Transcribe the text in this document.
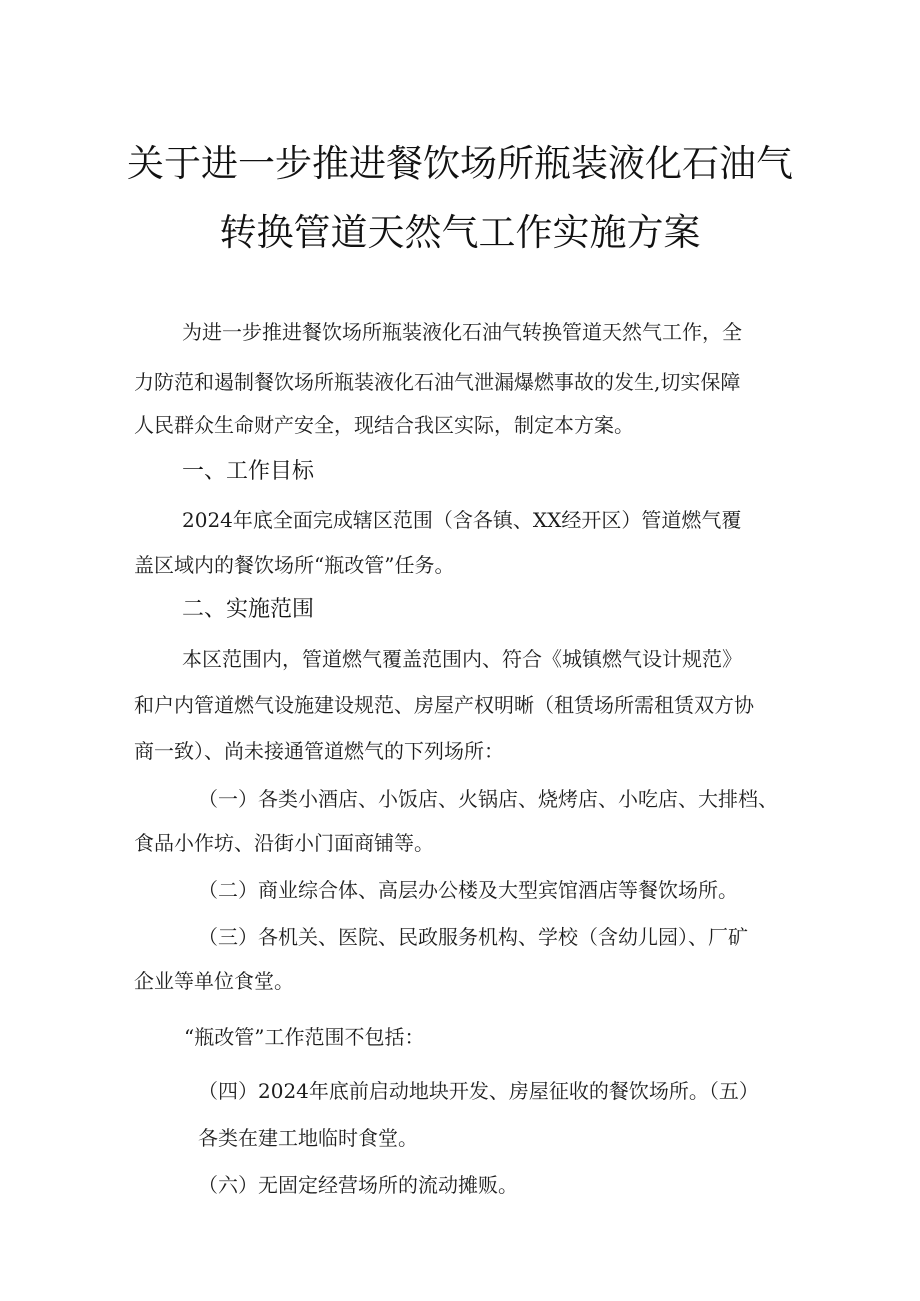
关于进一步推进餐饮场所瓶装液化石油气
转换管道天然气工作实施方案
为进一步推进餐饮场所瓶装液化石油气转换管道天然气工作，全
力防范和遏制餐饮场所瓶装液化石油气泄漏爆燃事故的发生,切实保障
人民群众生命财产安全，现结合我区实际，制定本方案。
一、工作目标
2024年底全面完成辖区范围（含各镇、XX经开区）管道燃气覆
盖区域内的餐饮场所“瓶改管”任务。
二、实施范围
本区范围内，管道燃气覆盖范围内、符合《城镇燃气设计规范》
和户内管道燃气设施建设规范、房屋产权明晰（租赁场所需租赁双方协
商一致）、尚未接通管道燃气的下列场所：
（一）各类小酒店、小饭店、火锅店、烧烤店、小吃店、大排档、
食品小作坊、沿街小门面商铺等。
（二）商业综合体、高层办公楼及大型宾馆酒店等餐饮场所。
（三）各机关、医院、民政服务机构、学校（含幼儿园）、厂矿
企业等单位食堂。
“瓶改管”工作范围不包括：
（四）2024年底前启动地块开发、房屋征收的餐饮场所。（五）
各类在建工地临时食堂。
（六）无固定经营场所的流动摊贩。
